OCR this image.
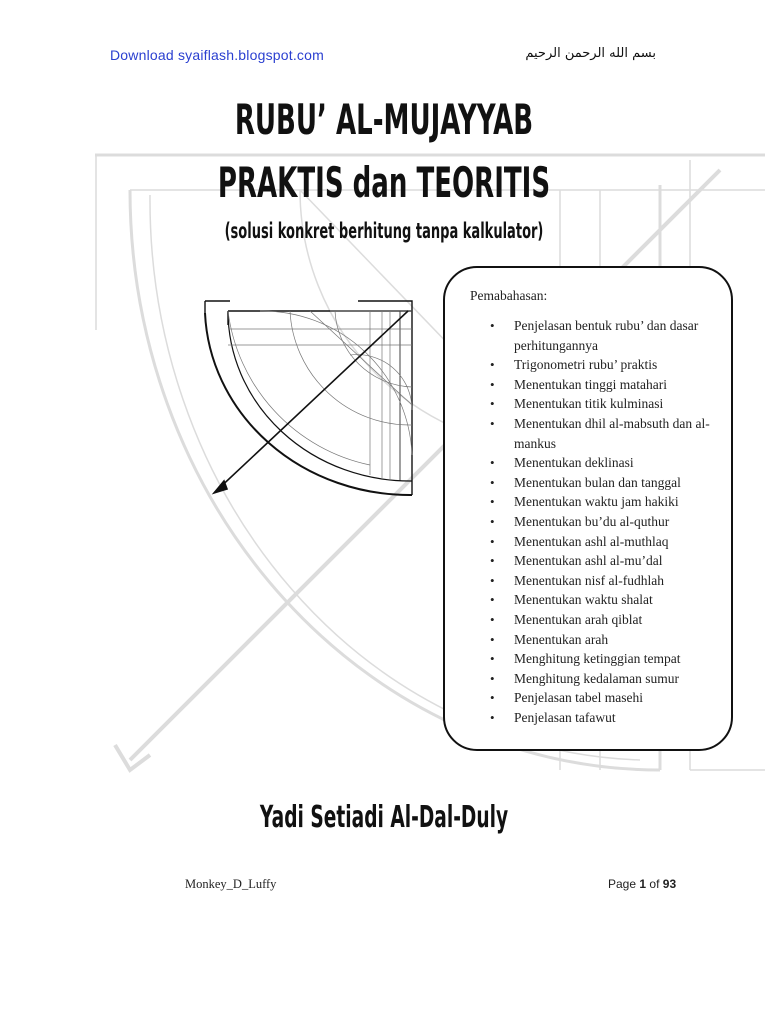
Download syaiflash.blogspot.com	بسم الله الرحمن الرحيم
RUBU’ AL-MUJAYYAB
PRAKTIS dan TEORITIS
(solusi konkret berhitung tanpa kalkulator)
Pemabahasan:
• Penjelasan bentuk rubu’ dan dasar perhitungannya
• Trigonometri rubu’ praktis
• Menentukan tinggi matahari
• Menentukan titik kulminasi
• Menentukan dhil al-mabsuth dan al-mankus
• Menentukan deklinasi
• Menentukan bulan dan tanggal
• Menentukan waktu jam hakiki
• Menentukan bu’du al-quthur
• Menentukan ashl al-muthlaq
• Menentukan ashl al-mu’dal
• Menentukan nisf al-fudhlah
• Menentukan waktu shalat
• Menentukan arah qiblat
• Menentukan arah
• Menghitung ketinggian tempat
• Menghitung kedalaman sumur
• Penjelasan tabel masehi
• Penjelasan tafawut
Yadi Setiadi Al-Dal-Duly
Monkey_D_Luffy	Page 1 of 93
